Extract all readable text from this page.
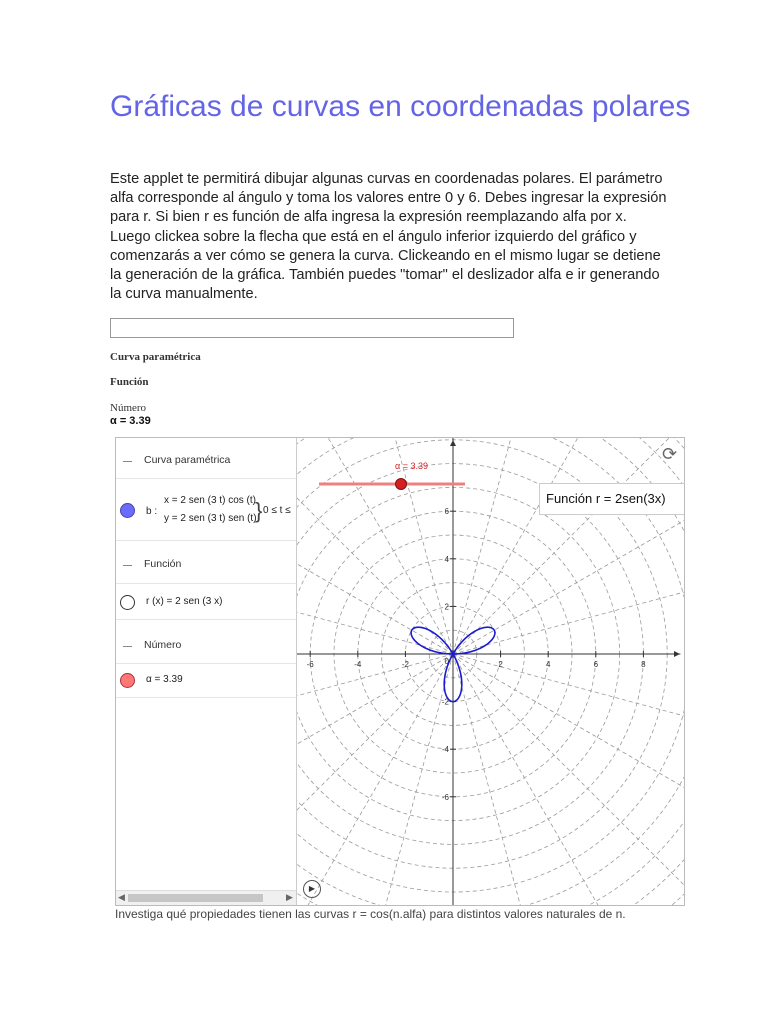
Gráficas de curvas en coordenadas polares
Este applet te permitirá dibujar algunas curvas en coordenadas polares. El parámetro alfa corresponde al ángulo y toma los valores entre 0 y 6. Debes ingresar la expresión para r. Si bien r es función de alfa ingresa la expresión reemplazando alfa por x. Luego clickea sobre la flecha que está en el ángulo inferior izquierdo del gráfico y comenzarás a ver cómo se genera la curva. Clickeando en el mismo lugar se detiene la generación de la gráfica. También puedes "tomar" el deslizador alfa e ir generando la curva manualmente.
Curva paramétrica
Función
Número
α = 3.39
Curva paramétrica
b :
x = 2 sen (3 t) cos (t)
y = 2 sen (3 t) sen (t)
} 0 ≤ t ≤
Función
r (x) = 2 sen (3 x)
Número
α = 3.39
◀	▶
-6	-4	-2	2	4	6	8
6
4
2
-2
-4
-6
0
α = 3.39
Función r = 2sen(3x)
⟳
▶
Investiga qué propiedades tienen las curvas r = cos(n.alfa) para distintos valores naturales de n.
